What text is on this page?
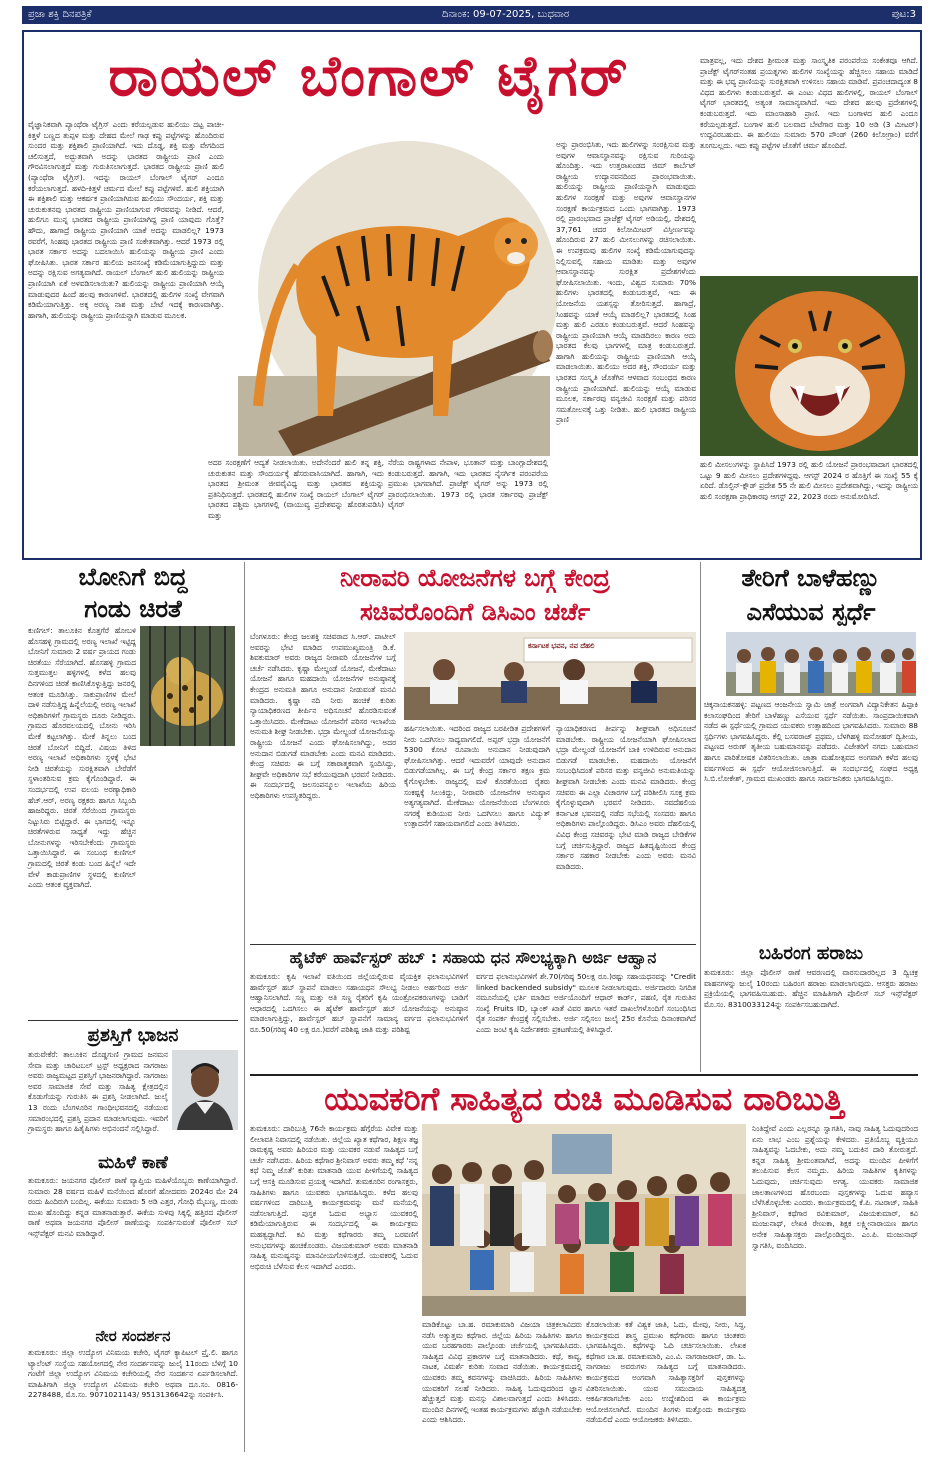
ಪ್ರಜಾ ಶಕ್ತಿ ದಿನಪತ್ರಿಕೆ	ದಿನಾಂಕ: 09-07-2025, ಬುಧವಾರ	ಪುಟ:3
ರಾಯಲ್ ಬೆಂಗಾಲ್ ಟೈಗರ್
ವೈಜ್ಞಾನಿಕವಾಗಿ ಪ್ಯಾಂಥೆರಾ ಟೈಗ್ರಿಸ್ ಎಂದು ಕರೆಯಲ್ಪಡುವ ಹುಲಿಯು ದಟ್ಟ ಪಾಚೀ-ಕಿತ್ತಳೆ ಬಣ್ಣದ ತುಪ್ಪಳ ಮತ್ತು ದೇಹದ ಮೇಲೆ ಗಾಢ ಕಪ್ಪು ಪಟ್ಟೆಗಳನ್ನು ಹೊಂದಿರುವ ಸುಂದರ ಮತ್ತು ಶಕ್ತಿಶಾಲಿ ಪ್ರಾಣಿಯಾಗಿದೆ. ಇದು ದೊಡ್ಡ, ಶಕ್ತಿ ಮತ್ತು ವೇಗದಿಂದ ಚಲಿಸುತ್ತದೆ, ಅದ್ಭುತವಾಗಿ ಅದನ್ನು ಭಾರತದ ರಾಷ್ಟ್ರೀಯ ಪ್ರಾಣಿ ಎಂದು ಗೌರವಿಸಲಾಗುತ್ತದೆ ಮತ್ತು ಗುರುತಿಸಲಾಗುತ್ತದೆ. ಭಾರತದ ರಾಷ್ಟ್ರೀಯ ಪ್ರಾಣಿ ಹುಲಿ (ಪ್ಯಾಂಥೆರಾ ಟೈಗ್ರಿಸ್). ಇದನ್ನು ರಾಯಲ್ ಬೆಂಗಾಲ್ ಟೈಗರ್ ಎಂದೂ ಕರೆಯಲಾಗುತ್ತದೆ. ಹಳದಿ-ಕಿತ್ತಳೆ ಚರ್ಮದ ಮೇಲೆ ಕಪ್ಪು ಪಟ್ಟೆಗಳಿವೆ. ಹುಲಿ ಶಕ್ತಿಯಾಗಿ ಈ ಶಕ್ತಿಶಾಲಿ ಮತ್ತು ಆಕರ್ಷಕ ಪ್ರಾಣಿಯಾಗಿರುವ ಹುಲಿಯು ಸೌಂದರ್ಯ, ಶಕ್ತಿ ಮತ್ತು ಚುರುಕುತನವು ಭಾರತದ ರಾಷ್ಟ್ರೀಯ ಪ್ರಾಣಿಯಾಗುವ ಗೌರವವನ್ನು ನೀಡಿದೆ. ಆದರೆ, ಹುಲಿಗೂ ಮುನ್ನ ಭಾರತದ ರಾಷ್ಟ್ರೀಯ ಪ್ರಾಣಿಯಾಗಿದ್ದ ಪ್ರಾಣಿ ಯಾವುದು ಗೊತ್ತೆ? ಹೌದು, ಹಾಗಾದ್ರೆ ರಾಷ್ಟ್ರೀಯ ಪ್ರಾಣಿಯಾಗಿ ಯಾಕೆ ಅದನ್ನು ಮಾಡಲಿಲ್ಲ? 1973 ರವರೆಗೆ, ಸಿಂಹವು ಭಾರತದ ರಾಷ್ಟ್ರೀಯ ಪ್ರಾಣಿ ಸಂಕೇತವಾಗಿತ್ತು. ಆದರೆ 1973 ರಲ್ಲಿ ಭಾರತ ಸರ್ಕಾರ ಅದನ್ನು ಬದಲಾಯಿಸಿ ಹುಲಿಯನ್ನು ರಾಷ್ಟ್ರೀಯ ಪ್ರಾಣಿ ಎಂದು ಘೋಷಿಸಿತು. ಭಾರತ ಸರ್ಕಾರ ಹುಲಿಯ ಜನಸಂಖ್ಯೆ ಕಡಿಮೆಯಾಗುತ್ತಿದ್ದುದು ಮತ್ತು ಅದನ್ನು ರಕ್ಷಿಸುವ ಅಗತ್ಯವಾಗಿದೆ. ರಾಯಲ್ ಬೆಂಗಾಲ್ ಹುಲಿ ಹುಲಿಯನ್ನು ರಾಷ್ಟ್ರೀಯ ಪ್ರಾಣಿಯಾಗಿ ಏಕೆ ಅಳವಡಿಸಲಾಯಿತು? ಹುಲಿಯನ್ನು ರಾಷ್ಟ್ರೀಯ ಪ್ರಾಣಿಯಾಗಿ ಆಯ್ಕೆ ಮಾಡುವುದರ ಹಿಂದೆ ಹಲವು ಕಾರಣಗಳಿವೆ. ಭಾರತದಲ್ಲಿ ಹುಲಿಗಳ ಸಂಖ್ಯೆ ವೇಗವಾಗಿ ಕಡಿಮೆಯಾಗುತ್ತಿತ್ತು. ಅಕ್ಕ ಅರಣ್ಯ ನಾಶ ಮತ್ತು ಬೇಟೆ ಇದಕ್ಕೆ ಕಾರಣವಾಗಿತ್ತು. ಹಾಗಾಗಿ, ಹುಲಿಯನ್ನು ರಾಷ್ಟ್ರೀಯ ಪ್ರಾಣಿಯನ್ನಾಗಿ ಮಾಡುವ ಮೂಲಕ.
ಅದರ ಸಂರಕ್ಷಣೆಗೆ ಆದ್ಯತೆ ನೀಡಲಾಯಿತು. ಅದೇನೆಂದರೆ ಹುಲಿ ತನ್ನ ಶಕ್ತಿ, ಚುರುಕುತನ ಮತ್ತು ಸೌಂದರ್ಯಕ್ಕೆ ಹೆಸರುವಾಸಿಯಾಗಿದೆ. ಹಾಗಾಗಿ, ಇದು ಭಾರತದ ಶ್ರೀಮಂತ ಜೀವವೈವಿಧ್ಯ ಮತ್ತು ಭಾರತದ ಶಕ್ತಿಯನ್ನು ಪ್ರತಿನಿಧಿಸುತ್ತದೆ. ಭಾರತದಲ್ಲಿ ಹುಲಿಗಳ ಸಂಖ್ಯೆ ರಾಯಲ್ ಬೆಂಗಾಲ್ ಟೈಗರ್ ಭಾರತದ ಪಶ್ಚಿಮ ಭಾಗಗಳಲ್ಲಿ (ವಾಯುವ್ಯ ಪ್ರದೇಶವನ್ನು ಹೊರತುಪಡಿಸಿ) ಮತ್ತು
ನೆರೆಯ ರಾಷ್ಟ್ರಗಳಾದ ನೇಪಾಳ, ಭೂತಾನ್ ಮತ್ತು ಬಾಂಗ್ಲಾದೇಶದಲ್ಲಿ ಕಂಡುಬರುತ್ತದೆ. ಹಾಗಾಗಿ, ಇದು ಭಾರತದ ನೈಸರ್ಗಿಕ ಪರಂಪರೆಯ ಪ್ರಮುಖ ಭಾಗವಾಗಿದೆ. ಪ್ರಾಜೆಕ್ಟ್ ಟೈಗರ್ ಅನ್ನು 1973 ರಲ್ಲಿ ಪ್ರಾರಂಭಿಸಲಾಯಿತು. 1973 ರಲ್ಲಿ ಭಾರತ ಸರ್ಕಾರವು ಪ್ರಾಜೆಕ್ಟ್ ಟೈಗರ್
ಅನ್ನು ಪ್ರಾರಂಭಿಸಿತು, ಇದು ಹುಲಿಗಳನ್ನು ಸಂರಕ್ಷಿಸುವ ಮತ್ತು ಅವುಗಳ ಆವಾಸಸ್ಥಾನವನ್ನು ರಕ್ಷಿಸುವ ಗುರಿಯನ್ನು ಹೊಂದಿತ್ತು. ಇದು ಉತ್ತರಾಖಂಡದ ಜಿಮ್ ಕಾರ್ಬೆಟ್ ರಾಷ್ಟ್ರೀಯ ಉದ್ಯಾನವನದಿಂದ ಪ್ರಾರಂಭವಾಯಿತು. ಹುಲಿಯನ್ನು ರಾಷ್ಟ್ರೀಯ ಪ್ರಾಣಿಯನ್ನಾಗಿ ಮಾಡುವುದು ಹುಲಿಗಳ ಸಂರಕ್ಷಣೆ ಮತ್ತು ಅವುಗಳ ಆವಾಸಸ್ಥಾನಗಳ ಸಂರಕ್ಷಣೆ ಕಾರ್ಯಕ್ರಮದ ಒಂದು ಭಾಗವಾಗಿತ್ತು. 1973 ರಲ್ಲಿ ಪ್ರಾರಂಭವಾದ ಪ್ರಾಜೆಕ್ಟ್ ಟೈಗರ್ ಅಡಿಯಲ್ಲಿ, ದೇಶದಲ್ಲಿ 37,761 ಚದರ ಕಿಲೋಮೀಟರ್ ವಿಸ್ತೀರ್ಣವನ್ನು ಹೊಂದಿರುವ 27 ಹುಲಿ ಮೀಸಲುಗಳನ್ನು ರಚಿಸಲಾಯಿತು. ಈ ಉಪಕ್ರಮವು ಹುಲಿಗಳ ಸಂಖ್ಯೆ ಕಡಿಮೆಯಾಗುವುದನ್ನು ನಿಲ್ಲಿಸುವಲ್ಲಿ ಸಹಾಯ ಮಾಡಿತು ಮತ್ತು ಅವುಗಳ ಆವಾಸಸ್ಥಾನವನ್ನು ಸುರಕ್ಷಿತ ಪ್ರದೇಶಗಳೆಂದು ಘೋಷಿಸಲಾಯಿತು. ಇಂದು, ವಿಶ್ವದ ಸುಮಾರು 70% ಹುಲಿಗಳು ಭಾರತದಲ್ಲಿ ಕಂಡುಬರುತ್ತವೆ, ಇದು ಈ ಯೋಜನೆಯ ಯಶಸ್ಸನ್ನು ತೋರಿಸುತ್ತದೆ. ಹಾಗಾದ್ರೆ, ಸಿಂಹವನ್ನು ಯಾಕೆ ಆಯ್ಕೆ ಮಾಡಲಿಲ್ಲ? ಭಾರತದಲ್ಲಿ ಸಿಂಹ ಮತ್ತು ಹುಲಿ ಎರಡೂ ಕಂಡುಬರುತ್ತವೆ. ಆದರೆ ಸಿಂಹವನ್ನು ರಾಷ್ಟ್ರೀಯ ಪ್ರಾಣಿಯಾಗಿ ಆಯ್ಕೆ ಮಾಡದಿರಲು ಕಾರಣ ಅದು ಭಾರತದ ಕೆಲವು ಭಾಗಗಳಲ್ಲಿ ಮಾತ್ರ ಕಂಡುಬರುತ್ತದೆ. ಹಾಗಾಗಿ ಹುಲಿಯನ್ನು ರಾಷ್ಟ್ರೀಯ ಪ್ರಾಣಿಯಾಗಿ ಆಯ್ಕೆ ಮಾಡಲಾಯಿತು. ಹುಲಿಯು ಅದರ ಶಕ್ತಿ, ಸೌಂದರ್ಯ ಮತ್ತು ಭಾರತದ ಸಂಸ್ಕೃತಿ ಜೊತೆಗಿನ ಆಳವಾದ ಸಂಬಂಧದ ಕಾರಣ ರಾಷ್ಟ್ರೀಯ ಪ್ರಾಣಿಯಾಗಿದೆ. ಹುಲಿಯನ್ನು ಆಯ್ಕೆ ಮಾಡುವ ಮೂಲಕ, ಸರ್ಕಾರವು ವನ್ಯಜೀವಿ ಸಂರಕ್ಷಣೆ ಮತ್ತು ಪರಿಸರ ಸಮತೋಲನಕ್ಕೆ ಒತ್ತು ನೀಡಿತು. ಹುಲಿ ಭಾರತದ ರಾಷ್ಟ್ರೀಯ ಪ್ರಾಣಿ
ಮಾತ್ರವಲ್ಲ, ಇದು ದೇಶದ ಶ್ರೀಮಂತ ಮತ್ತು ಸಾಂಸ್ಕೃತಿಕ ಪರಂಪರೆಯ ಸಂಕೇತವೂ ಆಗಿದೆ. ಪ್ರಾಜೆಕ್ಟ್ ಟೈಗರ್‌ನಂತಹ ಪ್ರಯತ್ನಗಳು ಹುಲಿಗಳ ಸಂಖ್ಯೆಯನ್ನು ಹೆಚ್ಚಿಸಲು ಸಹಾಯ ಮಾಡಿದೆ ಮತ್ತು ಈ ಭವ್ಯ ಪ್ರಾಣಿಯನ್ನು ಸುರಕ್ಷಿತವಾಗಿ ಉಳಿಸಲು ಸಹಾಯ ಮಾಡಿವೆ. ಪ್ರಪಂಚದಾದ್ಯಂತ 8 ವಿಧದ ಹುಲಿಗಳು ಕಂಡುಬರುತ್ತವೆ. ಈ ಎಂಟು ವಿಧದ ಹುಲಿಗಳಲ್ಲಿ, ರಾಯಲ್ ಬೆಂಗಾಲ್ ಟೈಗರ್ ಭಾರತದಲ್ಲಿ ಅತ್ಯಂತ ಸಾಮಾನ್ಯವಾಗಿದೆ. ಇದು ದೇಶದ ಹಲವು ಪ್ರದೇಶಗಳಲ್ಲಿ ಕಂಡುಬರುತ್ತದೆ. ಇದು ಮಾಂಸಾಹಾರಿ ಪ್ರಾಣಿ. ಇದು ಬಂಗಾಳದ ಹುಲಿ ಎಂದೂ ಕರೆಯಲ್ಪಡುತ್ತದೆ. ಬಂಗಾಳ ಹುಲಿ ಬಲವಾದ ಬೇಟೆಗಾರ ಮತ್ತು 10 ಅಡಿ (3 ಮೀಟರ್) ಉದ್ದವಿರಬಹುದು. ಈ ಹುಲಿಯು ಸುಮಾರು 570 ಪೌಂಡ್ (260 ಕಿಲೋಗ್ರಾಂ) ವರೆಗೆ ತೂಗಬಲ್ಲದು. ಇದು ಕಪ್ಪು ಪಟ್ಟೆಗಳ ಜೊತೆಗೆ ಚರ್ಮ ಹೊಂದಿದೆ.
ಹುಲಿ ಮೀಸಲುಗಳನ್ನು ಸ್ಥಾಪಿಸಿದೆ 1973 ರಲ್ಲಿ ಹುಲಿ ಯೋಜನೆ ಪ್ರಾರಂಭವಾದಾಗ ಭಾರತದಲ್ಲಿ ಒಟ್ಟು 9 ಹುಲಿ ಮೀಸಲು ಪ್ರದೇಶಗಳಿದ್ದವು. ಆಗಸ್ಟ್ 2024 ರ ಹೊತ್ತಿಗೆ ಈ ಸಂಖ್ಯೆ 55 ಕ್ಕೆ ಏರಿದೆ. ಡೊಲ್ಫಿನ್-ಕ್ಲೌಡ್ ಪ್ರದೇಶ 55 ನೇ ಹುಲಿ ಮೀಸಲು ಪ್ರದೇಶವಾಗಿದ್ದು, ಇದನ್ನು ರಾಷ್ಟ್ರೀಯ ಹುಲಿ ಸಂರಕ್ಷಣಾ ಪ್ರಾಧಿಕಾರವು ಆಗಸ್ಟ್ 22, 2023 ರಂದು ಅನುಮೋದಿಸಿದೆ.
ಬೋನಿಗೆ ಬಿದ್ದ
ಗಂಡು ಚಿರತೆ
ಕುಣಿಗಲ್: ತಾಲೂಕಿನ ಕೊತ್ತಗೆರೆ ಹೋಬಳಿ ಹೊಸಹಳ್ಳಿ ಗ್ರಾಮದಲ್ಲಿ ಅರಣ್ಯ ಇಲಾಖೆ ಇಟ್ಟಿದ್ದ ಬೋನಿಗೆ ಸುಮಾರು 2 ವರ್ಷ ಪ್ರಾಯದ ಗಂಡು ಚಿರತೆಯು ಸೆರೆಯಾಗಿದೆ. ಹೊಸಹಳ್ಳಿ ಗ್ರಾಮದ ಸುತ್ತಮುತ್ತಲ ಹಳ್ಳಿಗಳಲ್ಲಿ ಕಳೆದ ಹಲವು ದಿನಗಳಿಂದ ಚಿರತೆ ಕಾಣಿಸಿಕೊಳ್ಳುತ್ತಿದ್ದು ಜನರಲ್ಲಿ ಆತಂಕ ಮೂಡಿಸಿತ್ತು. ಸಾಕುಪ್ರಾಣಿಗಳ ಮೇಲೆ ದಾಳಿ ನಡೆಸುತ್ತಿದ್ದ ಹಿನ್ನೆಲೆಯಲ್ಲಿ ಅರಣ್ಯ ಇಲಾಖೆ ಅಧಿಕಾರಿಗಳಿಗೆ ಗ್ರಾಮಸ್ಥರು ದೂರು ನೀಡಿದ್ದರು. ಗ್ರಾಮದ ಹೊರವಲಯದಲ್ಲಿ ಬೋನು ಇರಿಸಿ ಮೇಕೆ ಕಟ್ಟಲಾಗಿತ್ತು. ಮೇಕೆ ತಿನ್ನಲು ಬಂದ ಚಿರತೆ ಬೋನಿಗೆ ಬಿದ್ದಿದೆ. ವಿಷಯ ತಿಳಿದ ಅರಣ್ಯ ಇಲಾಖೆ ಅಧಿಕಾರಿಗಳು ಸ್ಥಳಕ್ಕೆ ಭೇಟಿ ನೀಡಿ ಚಿರತೆಯನ್ನು ಸುರಕ್ಷಿತವಾಗಿ ಬೇರೆಡೆಗೆ ಸ್ಥಳಾಂತರಿಸುವ ಕ್ರಮ ಕೈಗೊಂಡಿದ್ದಾರೆ. ಈ ಸಂದರ್ಭದಲ್ಲಿ ಉಪ ವಲಯ ಅರಣ್ಯಾಧಿಕಾರಿ ಹೆಚ್.ಆರ್, ಅರಣ್ಯ ರಕ್ಷಕರು ಹಾಗೂ ಸಿಬ್ಬಂದಿ ಹಾಜರಿದ್ದರು. ಚಿರತೆ ಸೆರೆಯಿಂದ ಗ್ರಾಮಸ್ಥರು ನಿಟ್ಟುಸಿರು ಬಿಟ್ಟಿದ್ದಾರೆ. ಈ ಭಾಗದಲ್ಲಿ ಇನ್ನೂ ಚಿರತೆಗಳಿರುವ ಸಾಧ್ಯತೆ ಇದ್ದು ಹೆಚ್ಚಿನ ಬೋನುಗಳನ್ನು ಇರಿಸಬೇಕೆಂದು ಗ್ರಾಮಸ್ಥರು ಒತ್ತಾಯಿಸಿದ್ದಾರೆ. ಈ ಸಂಬಂಧ ಕುಣಿಗಲ್ ಗ್ರಾಮದಲ್ಲಿ ಚಿರತೆ ಕಂಡು ಬಂದ ಹಿನ್ನೆಲೆ ಇದೇ ವೇಳೆ ಕಾಡುಪ್ರಾಣಿಗಳ ಸ್ಥಳದಲ್ಲಿ ಕುಣಿಗಲ್ ಎಂದು ಆತಂಕ ವ್ಯಕ್ತವಾಗಿದೆ.
ಪ್ರಶಸ್ತಿಗೆ ಭಾಜನ
ತುರುವೇಕೆರೆ: ತಾಲೂಕಿನ ದೊಡ್ಡಗುಣಿ ಗ್ರಾಮದ ಜನಮನ ಸೇವಾ ಮತ್ತು ಚಾರಿಟಬಲ್ ಟ್ರಸ್ಟ್ ಅಧ್ಯಕ್ಷರಾದ ನಾಗರಾಜು ಅವರು ರಾಜ್ಯಮಟ್ಟದ ಪ್ರಶಸ್ತಿಗೆ ಭಾಜನರಾಗಿದ್ದಾರೆ. ನಾಗರಾಜು ಅವರ ಸಾಮಾಜಿಕ ಸೇವೆ ಮತ್ತು ಸಾಹಿತ್ಯ ಕ್ಷೇತ್ರದಲ್ಲಿನ ಕೊಡುಗೆಯನ್ನು ಗುರುತಿಸಿ ಈ ಪ್ರಶಸ್ತಿ ನೀಡಲಾಗಿದೆ. ಜುಲೈ 13 ರಂದು ಬೆಂಗಳೂರಿನ ಗಾಂಧೀಭವನದಲ್ಲಿ ನಡೆಯುವ ಸಮಾರಂಭದಲ್ಲಿ ಪ್ರಶಸ್ತಿ ಪ್ರದಾನ ಮಾಡಲಾಗುವುದು. ಇವರಿಗೆ ಗ್ರಾಮಸ್ಥರು ಹಾಗೂ ಹಿತೈಷಿಗಳು ಅಭಿನಂದನೆ ಸಲ್ಲಿಸಿದ್ದಾರೆ.
ಮಹಿಳೆ ಕಾಣೆ
ತುಮಕೂರು: ಜಯನಗರ ಪೊಲೀಸ್ ಠಾಣೆ ವ್ಯಾಪ್ತಿಯ ಮಹಿಳೆಯೊಬ್ಬರು ಕಾಣೆಯಾಗಿದ್ದಾರೆ. ಸುಮಾರು 28 ವರ್ಷದ ಮಹಿಳೆ ಮನೆಯಿಂದ ಹೊರಗೆ ಹೋದವರು 2024ರ ಮೇ 24 ರಂದು ಹಿಂದಿರುಗಿ ಬಂದಿಲ್ಲ. ಈಕೆಯು ಸುಮಾರು 5 ಅಡಿ ಎತ್ತರ, ಗೋಧಿ ಮೈಬಣ್ಣ, ದುಂಡು ಮುಖ ಹೊಂದಿದ್ದು ಕನ್ನಡ ಮಾತನಾಡುತ್ತಾರೆ. ಈಕೆಯ ಸುಳಿವು ಸಿಕ್ಕಲ್ಲಿ ಹತ್ತಿರದ ಪೊಲೀಸ್ ಠಾಣೆ ಅಥವಾ ಜಯನಗರ ಪೊಲೀಸ್ ಠಾಣೆಯನ್ನು ಸಂಪರ್ಕಿಸುವಂತೆ ಪೊಲೀಸ್ ಸಬ್ ಇನ್ಸ್‌ಪೆಕ್ಟರ್ ಮನವಿ ಮಾಡಿದ್ದಾರೆ.
ನೇರ ಸಂದರ್ಶನ
ತುಮಕೂರು: ಜಿಲ್ಲಾ ಉದ್ಯೋಗ ವಿನಿಮಯ ಕಚೇರಿ, ಟೈಗರ್ ಕ್ಯಾಪಿಟಲ್ ಪ್ರೈ.ಲಿ. ಹಾಗೂ ಟ್ಯಾಲೆಂಟ್ ಸಂಸ್ಥೆಯ ಸಹಯೋಗದಲ್ಲಿ ನೇರ ಸಂದರ್ಶನವನ್ನು ಜುಲೈ 11ರಂದು ಬೆಳಿಗ್ಗೆ 10 ಗಂಟೆಗೆ ಜಿಲ್ಲಾ ಉದ್ಯೋಗ ವಿನಿಮಯ ಕಚೇರಿಯಲ್ಲಿ ನೇರ ಸಂದರ್ಶನ ಏರ್ಪಡಿಸಲಾಗಿದೆ. ಮಾಹಿತಿಗಾಗಿ ಜಿಲ್ಲಾ ಉದ್ಯೋಗ ವಿನಿಮಯ ಕಚೇರಿ ಅಥವಾ ದೂ.ಸಂ. 0816-2278488, ಮೊ.ಸಂ. 9071021143/ 9513136642ನ್ನು ಸಂಪರ್ಕಿಸಿ.
ನೀರಾವರಿ ಯೋಜನೆಗಳ ಬಗ್ಗೆ ಕೇಂದ್ರ
ಸಚಿವರೊಂದಿಗೆ ಡಿಸಿಎಂ ಚರ್ಚೆ
ಬೆಂಗಳೂರು: ಕೇಂದ್ರ ಜಲಶಕ್ತಿ ಸಚಿವರಾದ ಸಿ.ಆರ್. ಪಾಟೀಲ್ ಅವರನ್ನು ಭೇಟಿ ಮಾಡಿದ ಉಪಮುಖ್ಯಮಂತ್ರಿ ಡಿ.ಕೆ. ಶಿವಕುಮಾರ್ ಅವರು ರಾಜ್ಯದ ನೀರಾವರಿ ಯೋಜನೆಗಳ ಬಗ್ಗೆ ಚರ್ಚೆ ನಡೆಸಿದರು. ಕೃಷ್ಣಾ ಮೇಲ್ದಂಡೆ ಯೋಜನೆ, ಮೇಕೆದಾಟು ಯೋಜನೆ ಹಾಗೂ ಮಹದಾಯಿ ಯೋಜನೆಗಳ ಅನುಷ್ಠಾನಕ್ಕೆ ಕೇಂದ್ರದ ಅನುಮತಿ ಹಾಗೂ ಅನುದಾನ ನೀಡುವಂತೆ ಮನವಿ ಮಾಡಿದರು. ಕೃಷ್ಣಾ ನದಿ ನೀರು ಹಂಚಿಕೆ ಕುರಿತು ನ್ಯಾಯಾಧಿಕರಣದ ತೀರ್ಪಿನ ಅಧಿಸೂಚನೆ ಹೊರಡಿಸುವಂತೆ ಒತ್ತಾಯಿಸಿದರು. ಮೇಕೆದಾಟು ಯೋಜನೆಗೆ ಪರಿಸರ ಇಲಾಖೆಯ ಅನುಮತಿ ಶೀಘ್ರ ನೀಡಬೇಕು. ಭದ್ರಾ ಮೇಲ್ದಂಡೆ ಯೋಜನೆಯನ್ನು ರಾಷ್ಟ್ರೀಯ ಯೋಜನೆ ಎಂದು ಘೋಷಿಸಲಾಗಿದ್ದು, ಅದರ ಅನುದಾನ ಬಿಡುಗಡೆ ಮಾಡಬೇಕು ಎಂದು ಮನವಿ ಮಾಡಿದರು. ಕೇಂದ್ರ ಸಚಿವರು ಈ ಬಗ್ಗೆ ಸಕಾರಾತ್ಮಕವಾಗಿ ಸ್ಪಂದಿಸಿದ್ದು, ಶೀಘ್ರವೇ ಅಧಿಕಾರಿಗಳ ಸಭೆ ಕರೆಯುವುದಾಗಿ ಭರವಸೆ ನೀಡಿದರು. ಈ ಸಂದರ್ಭದಲ್ಲಿ ಜಲಸಂಪನ್ಮೂಲ ಇಲಾಖೆಯ ಹಿರಿಯ ಅಧಿಕಾರಿಗಳು ಉಪಸ್ಥಿತರಿದ್ದರು.
ಕರ್ನಾಟಕ ಭವನ, ನವ ದೆಹಲಿ
ಹರ್ಷಿಸಲಾಯಿತು. ಇದರಿಂದ ರಾಜ್ಯದ ಬರಪೀಡಿತ ಪ್ರದೇಶಗಳಿಗೆ ನೀರು ಒದಗಿಸಲು ಸಾಧ್ಯವಾಗಲಿದೆ. ಅಪ್ಪರ್ ಭದ್ರಾ ಯೋಜನೆಗೆ 5300 ಕೋಟಿ ರೂಪಾಯಿ ಅನುದಾನ ನೀಡುವುದಾಗಿ ಘೋಷಿಸಲಾಗಿತ್ತು. ಆದರೆ ಇದುವರೆಗೆ ಯಾವುದೇ ಅನುದಾನ ಬಿಡುಗಡೆಯಾಗಿಲ್ಲ. ಈ ಬಗ್ಗೆ ಕೇಂದ್ರ ಸರ್ಕಾರ ತಕ್ಷಣ ಕ್ರಮ ಕೈಗೊಳ್ಳಬೇಕು. ರಾಜ್ಯದಲ್ಲಿ ಮಳೆ ಕೊರತೆಯಿಂದ ರೈತರು ಸಂಕಷ್ಟಕ್ಕೆ ಸಿಲುಕಿದ್ದು, ನೀರಾವರಿ ಯೋಜನೆಗಳ ಅನುಷ್ಠಾನ ಅತ್ಯಗತ್ಯವಾಗಿದೆ. ಮೇಕೆದಾಟು ಯೋಜನೆಯಿಂದ ಬೆಂಗಳೂರು ನಗರಕ್ಕೆ ಕುಡಿಯುವ ನೀರು ಒದಗಿಸಲು ಹಾಗೂ ವಿದ್ಯುತ್ ಉತ್ಪಾದನೆಗೆ ಸಹಾಯವಾಗಲಿದೆ ಎಂದು ತಿಳಿಸಿದರು.
ನ್ಯಾಯಾಧಿಕರಣದ ತೀರ್ಪನ್ನು ಶೀಘ್ರವಾಗಿ ಅಧಿಸೂಚನೆ ಮಾಡಬೇಕು. ರಾಷ್ಟ್ರೀಯ ಯೋಜನೆಯಾಗಿ ಘೋಷಿಸಲಾದ ಭದ್ರಾ ಮೇಲ್ದಂಡೆ ಯೋಜನೆಗೆ ಬಾಕಿ ಉಳಿದಿರುವ ಅನುದಾನ ಬಿಡುಗಡೆ ಮಾಡಬೇಕು. ಮಹದಾಯಿ ಯೋಜನೆಗೆ ಸಂಬಂಧಿಸಿದಂತೆ ಪರಿಸರ ಮತ್ತು ವನ್ಯಜೀವಿ ಅನುಮತಿಯನ್ನು ಶೀಘ್ರವಾಗಿ ನೀಡಬೇಕು ಎಂದು ಮನವಿ ಮಾಡಿದರು. ಕೇಂದ್ರ ಸಚಿವರು ಈ ಎಲ್ಲಾ ವಿಚಾರಗಳ ಬಗ್ಗೆ ಪರಿಶೀಲಿಸಿ ಸೂಕ್ತ ಕ್ರಮ ಕೈಗೊಳ್ಳುವುದಾಗಿ ಭರವಸೆ ನೀಡಿದರು. ನವದೆಹಲಿಯ ಕರ್ನಾಟಕ ಭವನದಲ್ಲಿ ನಡೆದ ಸಭೆಯಲ್ಲಿ ಸಂಸದರು ಹಾಗೂ ಅಧಿಕಾರಿಗಳು ಪಾಲ್ಗೊಂಡಿದ್ದರು. ಡಿಸಿಎಂ ಅವರು ದೆಹಲಿಯಲ್ಲಿ ವಿವಿಧ ಕೇಂದ್ರ ಸಚಿವರನ್ನು ಭೇಟಿ ಮಾಡಿ ರಾಜ್ಯದ ಬೇಡಿಕೆಗಳ ಬಗ್ಗೆ ಚರ್ಚಿಸುತ್ತಿದ್ದಾರೆ. ರಾಜ್ಯದ ಹಿತದೃಷ್ಟಿಯಿಂದ ಕೇಂದ್ರ ಸರ್ಕಾರ ಸಹಕಾರ ನೀಡಬೇಕು ಎಂದು ಅವರು ಮನವಿ ಮಾಡಿದರು.
ಹೈಟೆಕ್ ಹಾರ್ವೆಸ್ಟರ್ ಹಬ್ : ಸಹಾಯ ಧನ ಸೌಲಭ್ಯಕ್ಕಾಗಿ ಅರ್ಜಿ ಆಹ್ವಾನ
ತುಮಕೂರು: ಕೃಷಿ ಇಲಾಖೆ ವತಿಯಿಂದ ಜಿಲ್ಲೆಯಲ್ಲಿರುವ ವೈಯಕ್ತಿಕ ಫಲಾನುಭವಿಗಳಿಗೆ ಹಾರ್ವೆಸ್ಟರ್ ಹಬ್ ಸ್ಥಾಪನೆ ಮಾಡಲು ಸಹಾಯಧನ ಸೌಲಭ್ಯ ನೀಡಲು ಅರ್ಹರಿಂದ ಅರ್ಜಿ ಆಹ್ವಾನಿಸಲಾಗಿದೆ. ಸಣ್ಣ ಮತ್ತು ಅತಿ ಸಣ್ಣ ರೈತರಿಗೆ ಕೃಷಿ ಯಂತ್ರೋಪಕರಣಗಳನ್ನು ಬಾಡಿಗೆ ಆಧಾರದಲ್ಲಿ ಒದಗಿಸಲು ಈ ಹೈಟೆಕ್ ಹಾರ್ವೆಸ್ಟರ್ ಹಬ್ ಯೋಜನೆಯನ್ನು ಅನುಷ್ಠಾನ ಮಾಡಲಾಗುತ್ತಿದ್ದು, ಹಾರ್ವೆಸ್ಟರ್ ಹಬ್ ಸ್ಥಾಪನೆಗೆ ಸಾಮಾನ್ಯ ವರ್ಗದ ಫಲಾನುಭವಿಗಳಿಗೆ ರೂ.50(ಗರಿಷ್ಠ 40 ಲಕ್ಷ ರೂ.)ವರೆಗೆ ಪರಿಶಿಷ್ಟ ಜಾತಿ ಮತ್ತು ಪರಿಶಿಷ್ಟ
ವರ್ಗದ ಫಲಾನುಭವಿಗಳಿಗೆ ಶೇ.70(ಗರಿಷ್ಠ 50ಲಕ್ಷ ರೂ.)ರಷ್ಟು ಸಹಾಯಧನವನ್ನು "Credit linked backended subsidy" ಮೂಲಕ ನೀಡಲಾಗುವುದು. ಅರ್ಜಿದಾರರು ನಿಗದಿತ ನಮೂನೆಯಲ್ಲಿ ಭರ್ತಿ ಮಾಡಿದ ಅರ್ಜಿಯೊಂದಿಗೆ ಆಧಾರ್ ಕಾರ್ಡ್, ಪಹಣಿ, ರೈತ ಗುರುತಿನ ಸಂಖ್ಯೆ Fruits ID, ಬ್ಯಾಂಕ್ ಖಾತೆ ವಿವರ ಹಾಗೂ ಇತರೆ ದಾಖಲೆಗಳೊಂದಿಗೆ ಸಂಬಂಧಿಸಿದ ರೈತ ಸಂಪರ್ಕ ಕೇಂದ್ರಕ್ಕೆ ಸಲ್ಲಿಸಬೇಕು. ಅರ್ಜಿ ಸಲ್ಲಿಸಲು ಜುಲೈ 25ರ ಕೊನೆಯ ದಿನಾಂಕವಾಗಿದೆ ಎಂದು ಜಂಟಿ ಕೃಷಿ ನಿರ್ದೇಶಕರು ಪ್ರಕಟಣೆಯಲ್ಲಿ ತಿಳಿಸಿದ್ದಾರೆ.
ತೇರಿಗೆ ಬಾಳೆಹಣ್ಣು
ಎಸೆಯುವ ಸ್ಪರ್ಧೆ
ಚಿಕ್ಕನಾಯಕನಹಳ್ಳಿ: ಪಟ್ಟಣದ ಆಂಜನೇಯ ಸ್ವಾಮಿ ಜಾತ್ರೆ ಅಂಗವಾಗಿ ವಿದ್ಯಾನಿಕೇತನ ಹಿಪ್ಪಾಕಿ ಕಲಾಸಂಘದಿಂದ ತೇರಿಗೆ ಬಾಳೆಹಣ್ಣು ಎಸೆಯುವ ಸ್ಪರ್ಧೆ ನಡೆಯಿತು. ಸಾಂಪ್ರದಾಯಿಕವಾಗಿ ನಡೆದ ಈ ಸ್ಪರ್ಧೆಯಲ್ಲಿ ಗ್ರಾಮದ ಯುವಕರು ಉತ್ಸಾಹದಿಂದ ಭಾಗವಹಿಸಿದರು. ಸುಮಾರು 88 ಸ್ಪರ್ಧಿಗಳು ಭಾಗವಹಿಸಿದ್ದರು. ಕೆಲ್ಲಿ ಬಸವರಾಜ್ ಪ್ರಥಮ, ಬೆಳಗಿಹಳ್ಳಿ ಮನೋಹರ್ ದ್ವಿತೀಯ, ಪಟ್ಟಣದ ಅರುಣ್ ತೃತೀಯ ಬಹುಮಾನವನ್ನು ಪಡೆದರು. ವಿಜೇತರಿಗೆ ನಗದು ಬಹುಮಾನ ಹಾಗೂ ಪಾರಿತೋಷಕ ವಿತರಿಸಲಾಯಿತು. ಜಾತ್ರಾ ಮಹೋತ್ಸವದ ಅಂಗವಾಗಿ ಕಳೆದ ಹಲವು ವರ್ಷಗಳಿಂದ ಈ ಸ್ಪರ್ಧೆ ಆಯೋಜಿಸಲಾಗುತ್ತಿದೆ. ಈ ಸಂದರ್ಭದಲ್ಲಿ ಸಂಘದ ಅಧ್ಯಕ್ಷ ಸಿ.ಬಿ.ಲೋಕೇಶ್, ಗ್ರಾಮದ ಮುಖಂಡರು ಹಾಗೂ ಸಾರ್ವಜನಿಕರು ಭಾಗವಹಿಸಿದ್ದರು.
ಬಹಿರಂಗ ಹರಾಜು
ತುಮಕೂರು: ಜಿಲ್ಲಾ ಪೊಲೀಸ್ ಠಾಣೆ ಆವರಣದಲ್ಲಿ ವಾರಸುದಾರರಿಲ್ಲದ 3 ದ್ವಿಚಕ್ರ ವಾಹನಗಳನ್ನು ಜುಲೈ 10ರಂದು ಬಹಿರಂಗ ಹರಾಜು ಮಾಡಲಾಗುವುದು. ಆಸಕ್ತರು ಹರಾಜು ಪ್ರಕ್ರಿಯೆಯಲ್ಲಿ ಭಾಗವಹಿಸಬಹುದು. ಹೆಚ್ಚಿನ ಮಾಹಿತಿಗಾಗಿ ಪೊಲೀಸ್ ಸಬ್ ಇನ್ಸ್‌ಪೆಕ್ಟರ್ ಮೊ.ಸಂ. 8310033124ನ್ನು ಸಂಪರ್ಕಿಸಬಹುದಾಗಿದೆ.
ಯುವಕರಿಗೆ ಸಾಹಿತ್ಯದ ರುಚಿ ಮೂಡಿಸುವ ದಾರಿಬುತ್ತಿ
ತುಮಕೂರು: ದಾರಿಬುತ್ತಿ 76ನೇ ಕಾರ್ಯಕ್ರಮ ಹೆಗ್ಗೆರೆಯ ವಿವೇಕ ಮತ್ತು ಲೀಲಾವತಿ ನಿವಾಸದಲ್ಲಿ ನಡೆಯಿತು. ಜಿಲ್ಲೆಯ ಖ್ಯಾತ ಕಥೆಗಾರ, ಶಿಕ್ಷಣ ತಜ್ಞ ರಾಮಕೃಷ್ಣ ಅವರು ಹಿರಿಯರ ಮತ್ತು ಯುವಕರ ನಡುವೆ ಸಾಹಿತ್ಯದ ಬಗ್ಗೆ ಚರ್ಚೆ ನಡೆಸಿದರು. ಹಿರಿಯ ಕಥೆಗಾರ ಶ್ರೀನಿವಾಸ್ ಅವರು ತಮ್ಮ ಕಥೆ ‘ನನ್ನ ಕಥೆ ನಿಮ್ಮ ಜೊತೆ’ ಕುರಿತು ಮಾತನಾಡಿ ಯುವ ಪೀಳಿಗೆಯಲ್ಲಿ ಸಾಹಿತ್ಯದ ಬಗ್ಗೆ ಆಸಕ್ತಿ ಮೂಡಿಸುವ ಪ್ರಯತ್ನ ಇದಾಗಿದೆ. ತುಮಕೂರಿನ ರಂಗಾಸಕ್ತರು, ಸಾಹಿತಿಗಳು ಹಾಗೂ ಯುವಕರು ಭಾಗವಹಿಸಿದ್ದರು. ಕಳೆದ ಹಲವು ವರ್ಷಗಳಿಂದ ದಾರಿಬುತ್ತಿ ಕಾರ್ಯಕ್ರಮವನ್ನು ಮನೆ ಮನೆಯಲ್ಲಿ ನಡೆಸಲಾಗುತ್ತಿದೆ. ಪುಸ್ತಕ ಓದುವ ಅಭ್ಯಾಸ ಯುವಕರಲ್ಲಿ ಕಡಿಮೆಯಾಗುತ್ತಿರುವ ಈ ಸಂದರ್ಭದಲ್ಲಿ ಈ ಕಾರ್ಯಕ್ರಮ ಮಹತ್ವದ್ದಾಗಿದೆ. ಕವಿ ಮತ್ತು ಕಥೆಗಾರರು ತಮ್ಮ ಬರವಣಿಗೆ ಅನುಭವಗಳನ್ನು ಹಂಚಿಕೊಂಡರು. ವಿಜಯಕುಮಾರ್ ಅವರು ಮಾತನಾಡಿ ಸಾಹಿತ್ಯ ಮನುಷ್ಯನನ್ನು ಮಾನವೀಯಗೊಳಿಸುತ್ತದೆ. ಯುವಕರಲ್ಲಿ ಓದುವ ಅಭಿರುಚಿ ಬೆಳೆಸುವ ಕೆಲಸ ಇದಾಗಿದೆ ಎಂದರು.
ಮಾಡಿಕೊಟ್ಟು ಬಾ.ಹ. ರಮಾಕುಮಾರಿ ವಿಜಯಾ ಚಿತ್ರಕಲಾವಿದರು ನಡೆಸಿ ಅತ್ಯುತ್ತಮ ಕಥೆಗಾರ. ಜಿಲ್ಲೆಯ ಹಿರಿಯ ಸಾಹಿತಿಗಳು ಹಾಗೂ ಯುವ ಬರಹಗಾರರು ಪಾಲ್ಗೊಂಡು ಚರ್ಚೆಯಲ್ಲಿ ಭಾಗವಹಿಸಿದರು. ಸಾಹಿತ್ಯದ ವಿವಿಧ ಪ್ರಕಾರಗಳ ಬಗ್ಗೆ ಮಾತನಾಡಿದರು. ಕಥೆ, ಕಾವ್ಯ, ನಾಟಕ, ವಿಮರ್ಶೆ ಕುರಿತು ಸಂವಾದ ನಡೆಯಿತು. ಕಾರ್ಯಕ್ರಮದಲ್ಲಿ ಯುವಕರು ತಮ್ಮ ಕವನಗಳನ್ನು ವಾಚಿಸಿದರು. ಹಿರಿಯ ಸಾಹಿತಿಗಳು ಯುವಕರಿಗೆ ಸಲಹೆ ನೀಡಿದರು. ಸಾಹಿತ್ಯ ಓದುವುದರಿಂದ ಜ್ಞಾನ ಹೆಚ್ಚುತ್ತದೆ ಮತ್ತು ಮನಸ್ಸು ವಿಶಾಲವಾಗುತ್ತದೆ ಎಂದು ತಿಳಿಸಿದರು. ಮುಂದಿನ ದಿನಗಳಲ್ಲಿ ಇಂತಹ ಕಾರ್ಯಕ್ರಮಗಳು ಹೆಚ್ಚಾಗಿ ನಡೆಯಬೇಕು ಎಂದು ಆಶಿಸಿದರು.
ಕೊಡಲಾಯಿತು ಕತೆ ವಿಶ್ವಕ ಜಾತಿ, ಓದು, ಮೇವು, ನೀರು, ಸಿದ್ಧ, ಕಾರ್ಯಕ್ರಮದ ಶಾಸ್ತ್ರ ಪ್ರಮುಖ ಕಥೆಗಾರರು ಹಾಗೂ ಚಿಂತಕರು ಭಾಗವಹಿಸಿದ್ದರು. ಕಥೆಗಳನ್ನು ಓದಿ ಚರ್ಚಿಸಲಾಯಿತು. ಲೇಖಕ ಕಥೆಗಾರ ಬಾ.ಹ. ರಮಾಕುಮಾರಿ, ಎಂ.ವಿ. ನಾಗರಾಜರಾವ್, ಡಾ. ಓ. ನಾಗರಾಜು ಅವರುಗಳು ಸಾಹಿತ್ಯದ ಬಗ್ಗೆ ಮಾತನಾಡಿದರು. ಕಾರ್ಯಕ್ರಮದ ಅಂಗವಾಗಿ ಸಾಹಿತ್ಯಾಸಕ್ತರಿಗೆ ಪುಸ್ತಕಗಳನ್ನು ವಿತರಿಸಲಾಯಿತು. ಯುವ ಸಮುದಾಯ ಸಾಹಿತ್ಯದತ್ತ ಆಕರ್ಷಿತರಾಗಬೇಕು ಎಂಬ ಉದ್ದೇಶದಿಂದ ಈ ಕಾರ್ಯಕ್ರಮ ಆಯೋಜಿಸಲಾಗಿದೆ. ಮುಂದಿನ ತಿಂಗಳು ಮತ್ತೊಂದು ಕಾರ್ಯಕ್ರಮ ನಡೆಯಲಿದೆ ಎಂದು ಆಯೋಜಕರು ತಿಳಿಸಿದರು.
ನಿಂತಿದ್ದೇವೆ ಎಂದು ಎಲ್ಲರನ್ನೂ ಸ್ವಾಗತಿಸಿ, ನಾವು ಸಾಹಿತ್ಯ ಓದುವುದರಿಂದ ಏನು ಲಾಭ ಎಂಬ ಪ್ರಶ್ನೆಯನ್ನು ಕೇಳಿದರು. ಪ್ರತಿಯೊಬ್ಬ ವ್ಯಕ್ತಿಯೂ ಸಾಹಿತ್ಯವನ್ನು ಓದಬೇಕು, ಅದು ನಮ್ಮ ಬದುಕಿನ ದಾರಿ ತೋರುತ್ತದೆ. ಕನ್ನಡ ಸಾಹಿತ್ಯ ಶ್ರೀಮಂತವಾಗಿದೆ, ಅದನ್ನು ಮುಂದಿನ ಪೀಳಿಗೆಗೆ ತಲುಪಿಸುವ ಕೆಲಸ ನಮ್ಮದು. ಹಿರಿಯ ಸಾಹಿತಿಗಳ ಕೃತಿಗಳನ್ನು ಓದುವುದು, ಚರ್ಚಿಸುವುದು ಅಗತ್ಯ. ಯುವಕರು ಸಾಮಾಜಿಕ ಜಾಲತಾಣಗಳಿಂದ ಹೊರಬಂದು ಪುಸ್ತಕಗಳನ್ನು ಓದುವ ಹವ್ಯಾಸ ಬೆಳೆಸಿಕೊಳ್ಳಬೇಕು ಎಂದರು. ಕಾರ್ಯಕ್ರಮದಲ್ಲಿ ಕೆ.ಪಿ. ನಟರಾಜ್, ಸಾಹಿತಿ ಶ್ರೀನಿವಾಸ್, ಕಥೆಗಾರ ರವಿಕುಮಾರ್, ವಿಜಯಕುಮಾರ್, ಕವಿ ಮಂಜುನಾಥ್, ಲೇಖಕಿ ರೇಣುಕಾ, ಶಿಕ್ಷಕ ಲಕ್ಷ್ಮೀನಾರಾಯಣ ಹಾಗೂ ಅನೇಕ ಸಾಹಿತ್ಯಾಸಕ್ತರು ಪಾಲ್ಗೊಂಡಿದ್ದರು. ಎಂ.ಪಿ. ಮಂಜುನಾಥ್ ಸ್ವಾಗತಿಸಿ, ವಂದಿಸಿದರು.
